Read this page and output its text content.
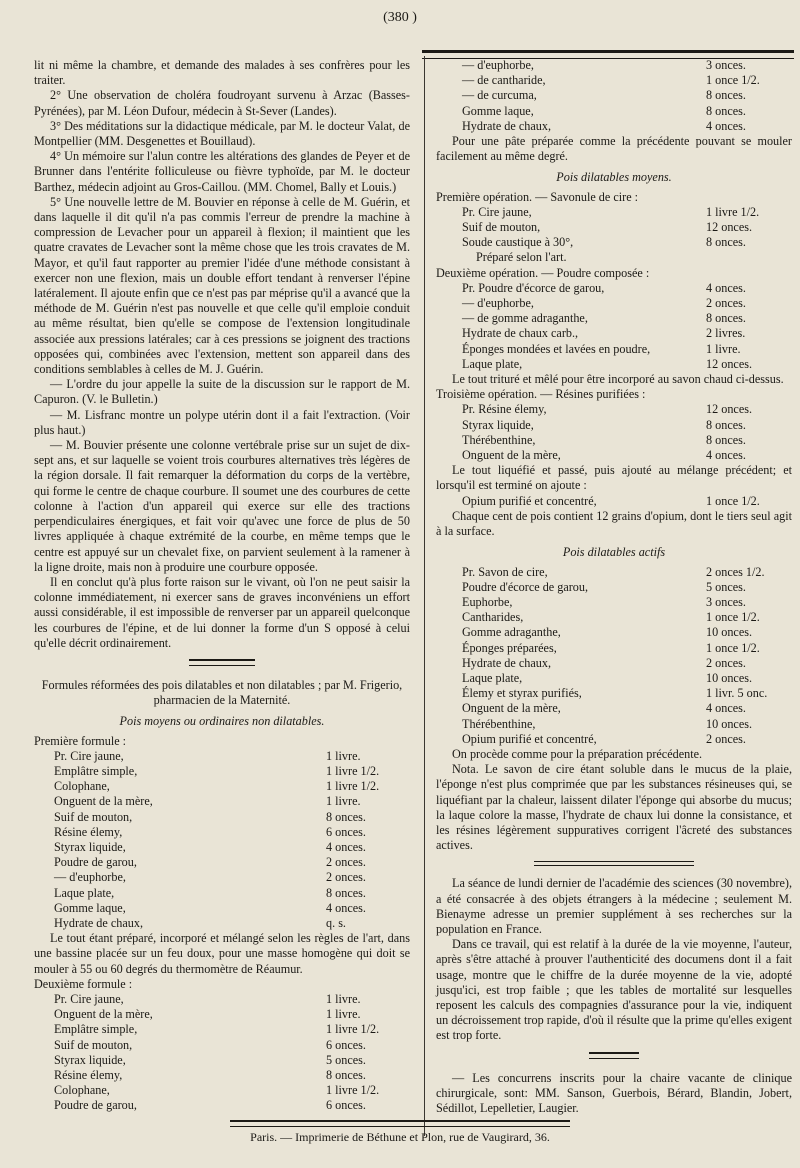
(380 )

lit ni même la chambre, et demande des malades à ses confrères pour les traiter.

2° Une observation de choléra foudroyant survenu à Arzac (Basses-Pyrénées), par M. Léon Dufour, médecin à St-Sever (Landes).

3° Des méditations sur la didactique médicale, par M. le docteur Valat, de Montpellier (MM. Desgenettes et Bouillaud).

4° Un mémoire sur l'alun contre les altérations des glandes de Peyer et de Brunner dans l'entérite folliculeuse ou fièvre typhoïde, par M. le docteur Barthez, médecin adjoint au Gros-Caillou. (MM. Chomel, Bally et Louis.)

5° Une nouvelle lettre de M. Bouvier en réponse à celle de M. Guérin, et dans laquelle il dit qu'il n'a pas commis l'erreur de prendre la machine à compression de Levacher pour un appareil à flexion; il maintient que les quatre cravates de Levacher sont la même chose que les trois cravates de M. Mayor, et qu'il faut rapporter au premier l'idée d'une méthode consistant à exercer non une flexion, mais un double effort tendant à renverser l'épine latéralement. Il ajoute enfin que ce n'est pas par méprise qu'il a avancé que la méthode de M. Guérin n'est pas nouvelle et que celle qu'il emploie conduit au même résultat, bien qu'elle se compose de l'extension longitudinale associée aux pressions latérales; car à ces pressions se joignent des tractions opposées qui, combinées avec l'extension, mettent son appareil dans des conditions semblables à celles de M. J. Guérin.

— L'ordre du jour appelle la suite de la discussion sur le rapport de M. Capuron. (V. le Bulletin.)

— M. Lisfranc montre un polype utérin dont il a fait l'extraction. (Voir plus haut.)

— M. Bouvier présente une colonne vertébrale prise sur un sujet de dix-sept ans, et sur laquelle se voient trois courbures alternatives très légères de la région dorsale. Il fait remarquer la déformation du corps de la vertèbre, qui forme le centre de chaque courbure. Il soumet une des courbures de cette colonne à l'action d'un appareil qui exerce sur elle des tractions perpendiculaires énergiques, et fait voir qu'avec une force de plus de 50 livres appliquée à chaque extrémité de la courbe, en même temps que le centre est appuyé sur un chevalet fixe, on parvient seulement à la ramener à la ligne droite, mais non à produire une courbure opposée.

Il en conclut qu'à plus forte raison sur le vivant, où l'on ne peut saisir la colonne immédiatement, ni exercer sans de graves inconvéniens un effort aussi considérable, il est impossible de renverser par un appareil quelconque les courbures de l'épine, et de lui donner la forme d'un S opposé à celui qu'elle décrit ordinairement.

Formules réformées des pois dilatables et non dilatables ; par M. Frigerio, pharmacien de la Maternité.

Pois moyens ou ordinaires non dilatables.

Première formule :

Pr. Cire jaune,	1 livre.
Emplâtre simple,	1 livre 1/2.
Colophane,	1 livre 1/2.
Onguent de la mère,	1 livre.
Suif de mouton,	8 onces.
Résine élemy,	6 onces.
Styrax liquide,	4 onces.
Poudre de garou,	2 onces.
— d'euphorbe,	2 onces.
Laque plate,	8 onces.
Gomme laque,	4 onces.
Hydrate de chaux,	q. s.

Le tout étant préparé, incorporé et mélangé selon les règles de l'art, dans une bassine placée sur un feu doux, pour une masse homogène qui doit se mouler à 55 ou 60 degrés du thermomètre de Réaumur.

Deuxième formule :

Pr. Cire jaune,	1 livre.
Onguent de la mère,	1 livre.
Emplâtre simple,	1 livre 1/2.
Suif de mouton,	6 onces.
Styrax liquide,	5 onces.
Résine élemy,	8 onces.
Colophane,	1 livre 1/2.
Poudre de garou,	6 onces.
— d'euphorbe,	3 onces.
— de cantharide,	1 once 1/2.
— de curcuma,	8 onces.
Gomme laque,	8 onces.
Hydrate de chaux,	4 onces.

Pour une pâte préparée comme la précédente pouvant se mouler facilement au même degré.

Pois dilatables moyens.

Première opération. — Savonule de cire :

Pr. Cire jaune,	1 livre 1/2.
Suif de mouton,	12 onces.
Soude caustique à 30°,	8 onces.

Préparé selon l'art.

Deuxième opération. — Poudre composée :

Pr. Poudre d'écorce de garou,	4 onces.
— d'euphorbe,	2 onces.
— de gomme adraganthe,	8 onces.
Hydrate de chaux carb.,	2 livres.
Éponges mondées et lavées en poudre,	1 livre.
Laque plate,	12 onces.

Le tout trituré et mêlé pour être incorporé au savon chaud ci-dessus.

Troisième opération. — Résines purifiées :

Pr. Résine élemy,	12 onces.
Styrax liquide,	8 onces.
Thérébenthine,	8 onces.
Onguent de la mère,	4 onces.

Le tout liquéfié et passé, puis ajouté au mélange précédent; et lorsqu'il est terminé on ajoute :

Opium purifié et concentré,	1 once 1/2.

Chaque cent de pois contient 12 grains d'opium, dont le tiers seul agit à la surface.

Pois dilatables actifs

Pr. Savon de cire,	2 onces 1/2.
Poudre d'écorce de garou,	5 onces.
Euphorbe,	3 onces.
Cantharides,	1 once 1/2.
Gomme adraganthe,	10 onces.
Éponges préparées,	1 once 1/2.
Hydrate de chaux,	2 onces.
Laque plate,	10 onces.
Élemy et styrax purifiés,	1 livr. 5 onc.
Onguent de la mère,	4 onces.
Thérébenthine,	10 onces.
Opium purifié et concentré,	2 onces.

On procède comme pour la préparation précédente.

Nota. Le savon de cire étant soluble dans le mucus de la plaie, l'éponge n'est plus comprimée que par les substances résineuses qui, se liquéfiant par la chaleur, laissent dilater l'éponge qui absorbe du mucus; la laque colore la masse, l'hydrate de chaux lui donne la consistance, et les résines légèrement suppuratives corrigent l'âcreté des substances actives.

La séance de lundi dernier de l'académie des sciences (30 novembre), a été consacrée à des objets étrangers à la médecine ; seulement M. Bienayme adresse un premier supplément à ses recherches sur la population en France.

Dans ce travail, qui est relatif à la durée de la vie moyenne, l'auteur, après s'être attaché à prouver l'authenticité des documens dont il a fait usage, montre que le chiffre de la durée moyenne de la vie, adopté jusqu'ici, est trop faible ; que les tables de mortalité sur lesquelles reposent les calculs des compagnies d'assurance pour la vie, indiquent un décroissement trop rapide, d'où il résulte que la prime qu'elles exigent est trop forte.

— Les concurrens inscrits pour la chaire vacante de clinique chirurgicale, sont: MM. Sanson, Guerbois, Bérard, Blandin, Jobert, Sédillot, Lepelletier, Laugier.

Paris. — Imprimerie de Béthune et Plon, rue de Vaugirard, 36.
